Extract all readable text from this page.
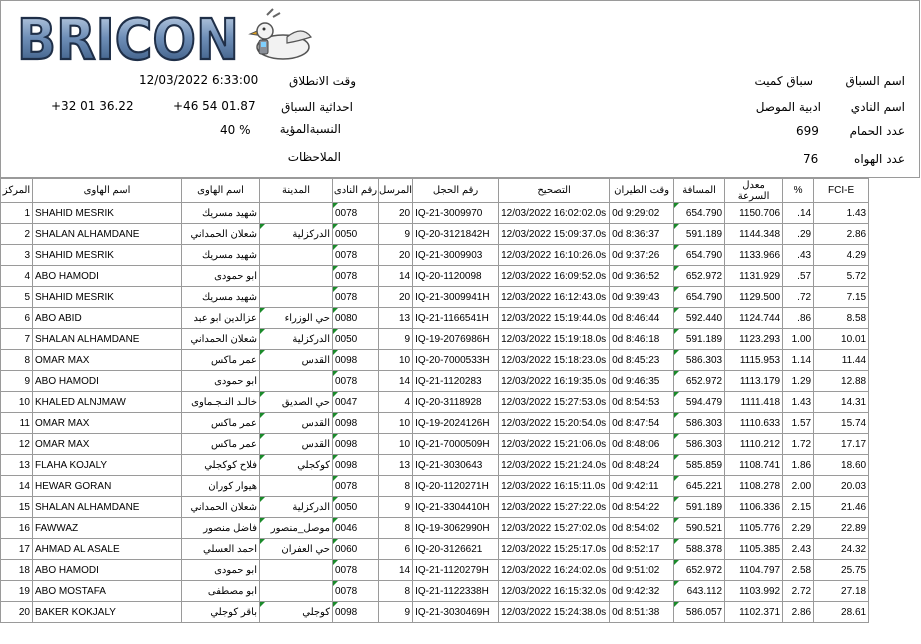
BRICON
اسم السباق
سباق كميت
اسم النادي
ادبية الموصل
عدد الحمام
699
عدد الهواه
76
وقت الانطلاق
12/03/2022 6:33:00
احداثية السباق
+46 54 01.87
+32 01 36.22
النسبةالمؤية
40 %
الملاحظات
المركز	اسم الهاوى	اسم الهاوى	المدينة	رقم النادى	المرسل	رقم الحجل	التصحيح	وقت الطيران	المسافة	معدل السرعة	%	FCI-E
1	SHAHID MESRIK	شهيد مسريك		0078	20	IQ-21-3009970	12/03/2022 16:02:02.0s	0d 9:29:02	654.790	1150.706	.14	1.43
2	SHALAN ALHAMDANE	شعلان الحمداني	الدركزلية	0050	9	IQ-20-3121842H	12/03/2022 15:09:37.0s	0d 8:36:37	591.189	1144.348	.29	2.86
3	SHAHID MESRIK	شهيد مسريك		0078	20	IQ-21-3009903	12/03/2022 16:10:26.0s	0d 9:37:26	654.790	1133.966	.43	4.29
4	ABO HAMODI	ابو حمودى		0078	14	IQ-20-1120098	12/03/2022 16:09:52.0s	0d 9:36:52	652.972	1131.929	.57	5.72
5	SHAHID MESRIK	شهيد مسريك		0078	20	IQ-21-3009941H	12/03/2022 16:12:43.0s	0d 9:39:43	654.790	1129.500	.72	7.15
6	ABO ABID	عزالدين ابو عبد	حي الوزراء	0080	13	IQ-21-1166541H	12/03/2022 15:19:44.0s	0d 8:46:44	592.440	1124.744	.86	8.58
7	SHALAN ALHAMDANE	شعلان الحمداني	الدركزلية	0050	9	IQ-19-2076986H	12/03/2022 15:19:18.0s	0d 8:46:18	591.189	1123.293	1.00	10.01
8	OMAR MAX	عمر ماكس	القدس	0098	10	IQ-20-7000533H	12/03/2022 15:18:23.0s	0d 8:45:23	586.303	1115.953	1.14	11.44
9	ABO HAMODI	ابو حمودى		0078	14	IQ-21-1120283	12/03/2022 16:19:35.0s	0d 9:46:35	652.972	1113.179	1.29	12.88
10	KHALED ALNJMAW	خالـد النـجـماوى	حي الصديق	0047	4	IQ-20-3118928	12/03/2022 15:27:53.0s	0d 8:54:53	594.479	1111.418	1.43	14.31
11	OMAR MAX	عمر ماكس	القدس	0098	10	IQ-19-2024126H	12/03/2022 15:20:54.0s	0d 8:47:54	586.303	1110.633	1.57	15.74
12	OMAR MAX	عمر ماكس	القدس	0098	10	IQ-21-7000509H	12/03/2022 15:21:06.0s	0d 8:48:06	586.303	1110.212	1.72	17.17
13	FLAHA KOJALY	فلاح كوكجلي	كوكجلي	0098	13	IQ-21-3030643	12/03/2022 15:21:24.0s	0d 8:48:24	585.859	1108.741	1.86	18.60
14	HEWAR GORAN	هيوار كوران		0078	8	IQ-20-1120271H	12/03/2022 16:15:11.0s	0d 9:42:11	645.221	1108.278	2.00	20.03
15	SHALAN ALHAMDANE	شعلان الحمداني	الدركزلية	0050	9	IQ-21-3304410H	12/03/2022 15:27:22.0s	0d 8:54:22	591.189	1106.336	2.15	21.46
16	FAWWAZ	فاضل منصور	موصل_منصور	0046	8	IQ-19-3062990H	12/03/2022 15:27:02.0s	0d 8:54:02	590.521	1105.776	2.29	22.89
17	AHMAD AL ASALE	احمد العسلي	حي العفران	0060	6	IQ-20-3126621	12/03/2022 15:25:17.0s	0d 8:52:17	588.378	1105.385	2.43	24.32
18	ABO HAMODI	ابو حمودى		0078	14	IQ-21-1120279H	12/03/2022 16:24:02.0s	0d 9:51:02	652.972	1104.797	2.58	25.75
19	ABO MOSTAFA	ابو مصطفى		0078	8	IQ-21-1122338H	12/03/2022 16:15:32.0s	0d 9:42:32	643.112	1103.992	2.72	27.18
20	BAKER KOKJALY	باقر كوجلي	كوجلي	0098	9	IQ-21-3030469H	12/03/2022 15:24:38.0s	0d 8:51:38	586.057	1102.371	2.86	28.61
